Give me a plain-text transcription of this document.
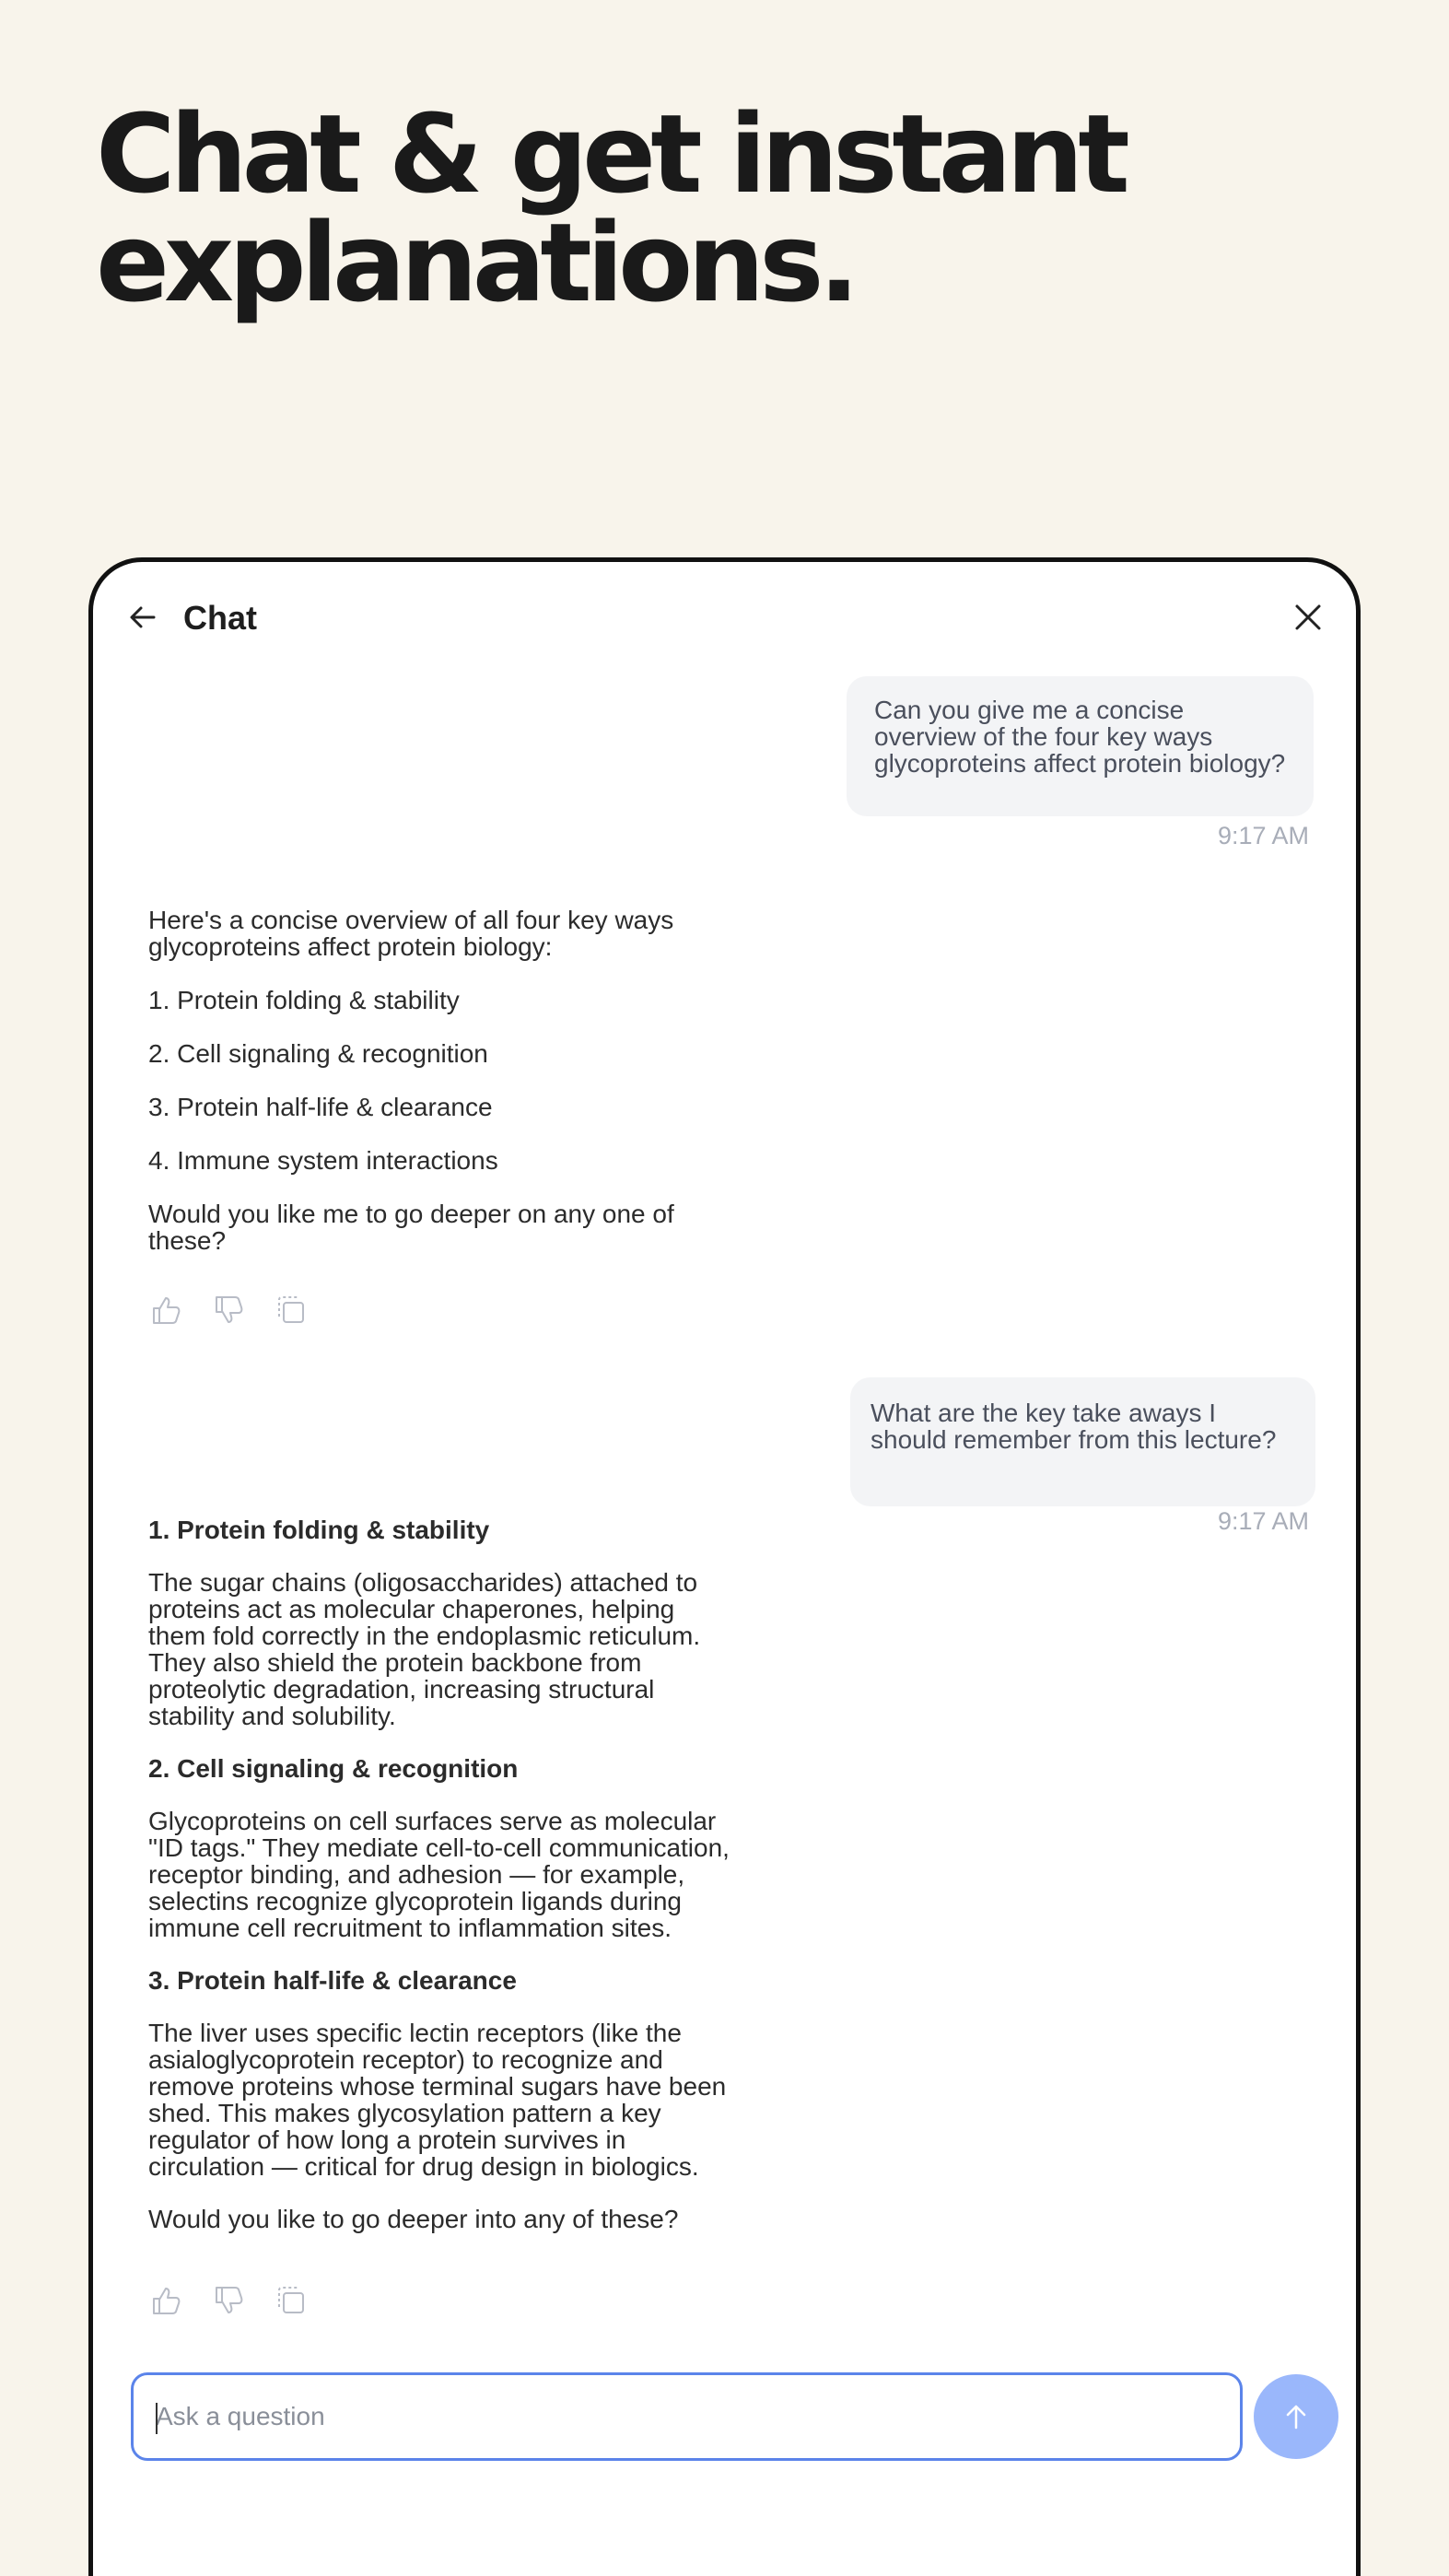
Chat & get instant
explanations.
Chat
Can you give me a concise overview of the four key ways glycoproteins affect protein biology?
9:17 AM

Here's a concise overview of all four key ways glycoproteins affect protein biology:

1. Protein folding & stability

2. Cell signaling & recognition

3. Protein half-life & clearance

4. Immune system interactions

Would you like me to go deeper on any one of these?

What are the key take aways I should remember from this lecture?
9:17 AM

1. Protein folding & stability

The sugar chains (oligosaccharides) attached to proteins act as molecular chaperones, helping them fold correctly in the endoplasmic reticulum. They also shield the protein backbone from proteolytic degradation, increasing structural stability and solubility.

2. Cell signaling & recognition

Glycoproteins on cell surfaces serve as molecular "ID tags." They mediate cell-to-cell communication, receptor binding, and adhesion — for example, selectins recognize glycoprotein ligands during immune cell recruitment to inflammation sites.

3. Protein half-life & clearance

The liver uses specific lectin receptors (like the asialoglycoprotein receptor) to recognize and remove proteins whose terminal sugars have been shed. This makes glycosylation pattern a key regulator of how long a protein survives in circulation — critical for drug design in biologics.

Would you like to go deeper into any of these?

Ask a question
